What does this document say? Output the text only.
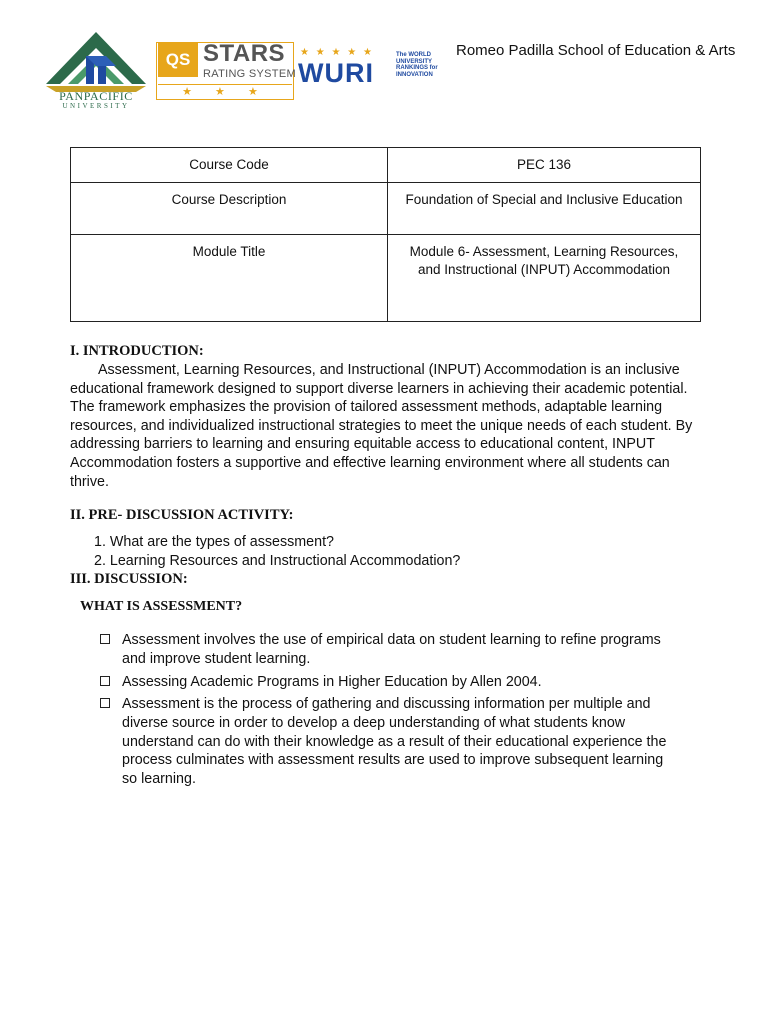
PANPACIFIC
UNIVERSITY
QS STARS
RATING SYSTEM
★ ★ ★
★ ★ ★ ★ ★
WURI
The WORLD UNIVERSITY RANKINGS for INNOVATION
Romeo Padilla School of Education & Arts
Course Code	PEC 136
Course Description	Foundation of Special and Inclusive Education
Module Title	Module 6- Assessment, Learning Resources, and Instructional (INPUT) Accommodation
I. INTRODUCTION:
Assessment, Learning Resources, and Instructional (INPUT) Accommodation is an inclusive educational framework designed to support diverse learners in achieving their academic potential. The framework emphasizes the provision of tailored assessment methods, adaptable learning resources, and individualized instructional strategies to meet the unique needs of each student. By addressing barriers to learning and ensuring equitable access to educational content, INPUT Accommodation fosters a supportive and effective learning environment where all students can thrive.
II. PRE- DISCUSSION ACTIVITY:
1. What are the types of assessment?
2. Learning Resources and Instructional Accommodation?
III. DISCUSSION:
WHAT IS ASSESSMENT?
Assessment involves the use of empirical data on student learning to refine programs and improve student learning.
Assessing Academic Programs in Higher Education by Allen 2004.
Assessment is the process of gathering and discussing information per multiple and diverse source in order to develop a deep understanding of what students know understand can do with their knowledge as a result of their educational experience the process culminates with assessment results are used to improve subsequent learning so learning.
